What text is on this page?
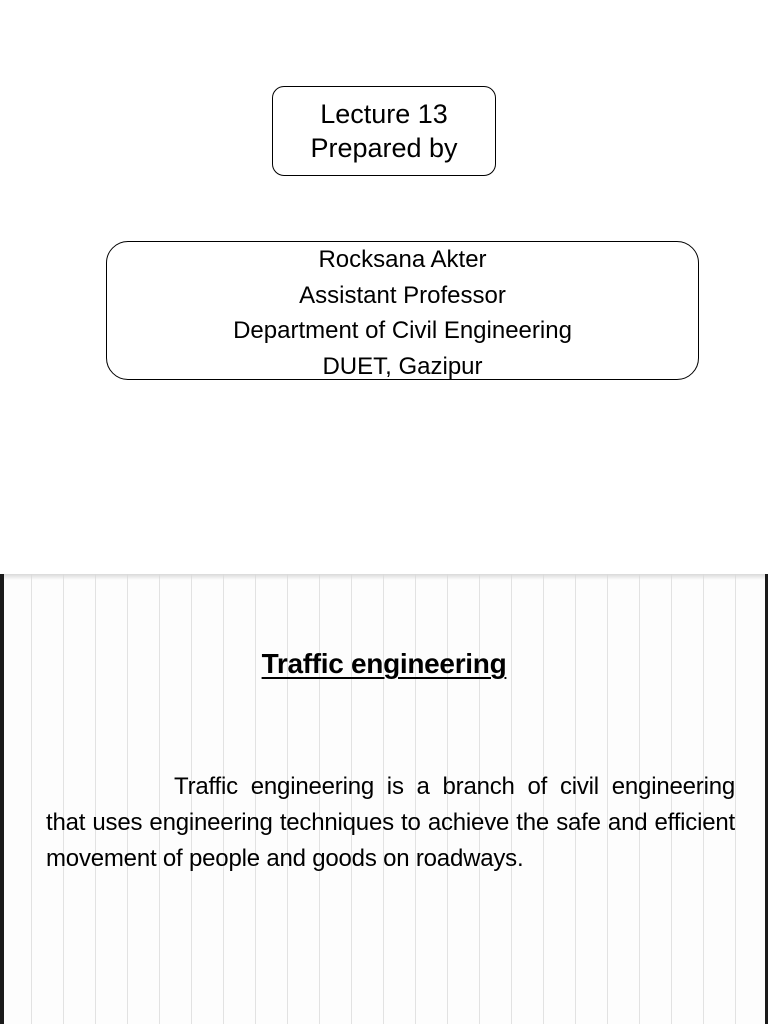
Lecture 13
Prepared by
Rocksana Akter
Assistant Professor
Department of Civil Engineering
DUET, Gazipur
Traffic engineering
Traffic engineering is a branch of civil engineering that uses engineering techniques to achieve the safe and efficient movement of people and goods on roadways.
